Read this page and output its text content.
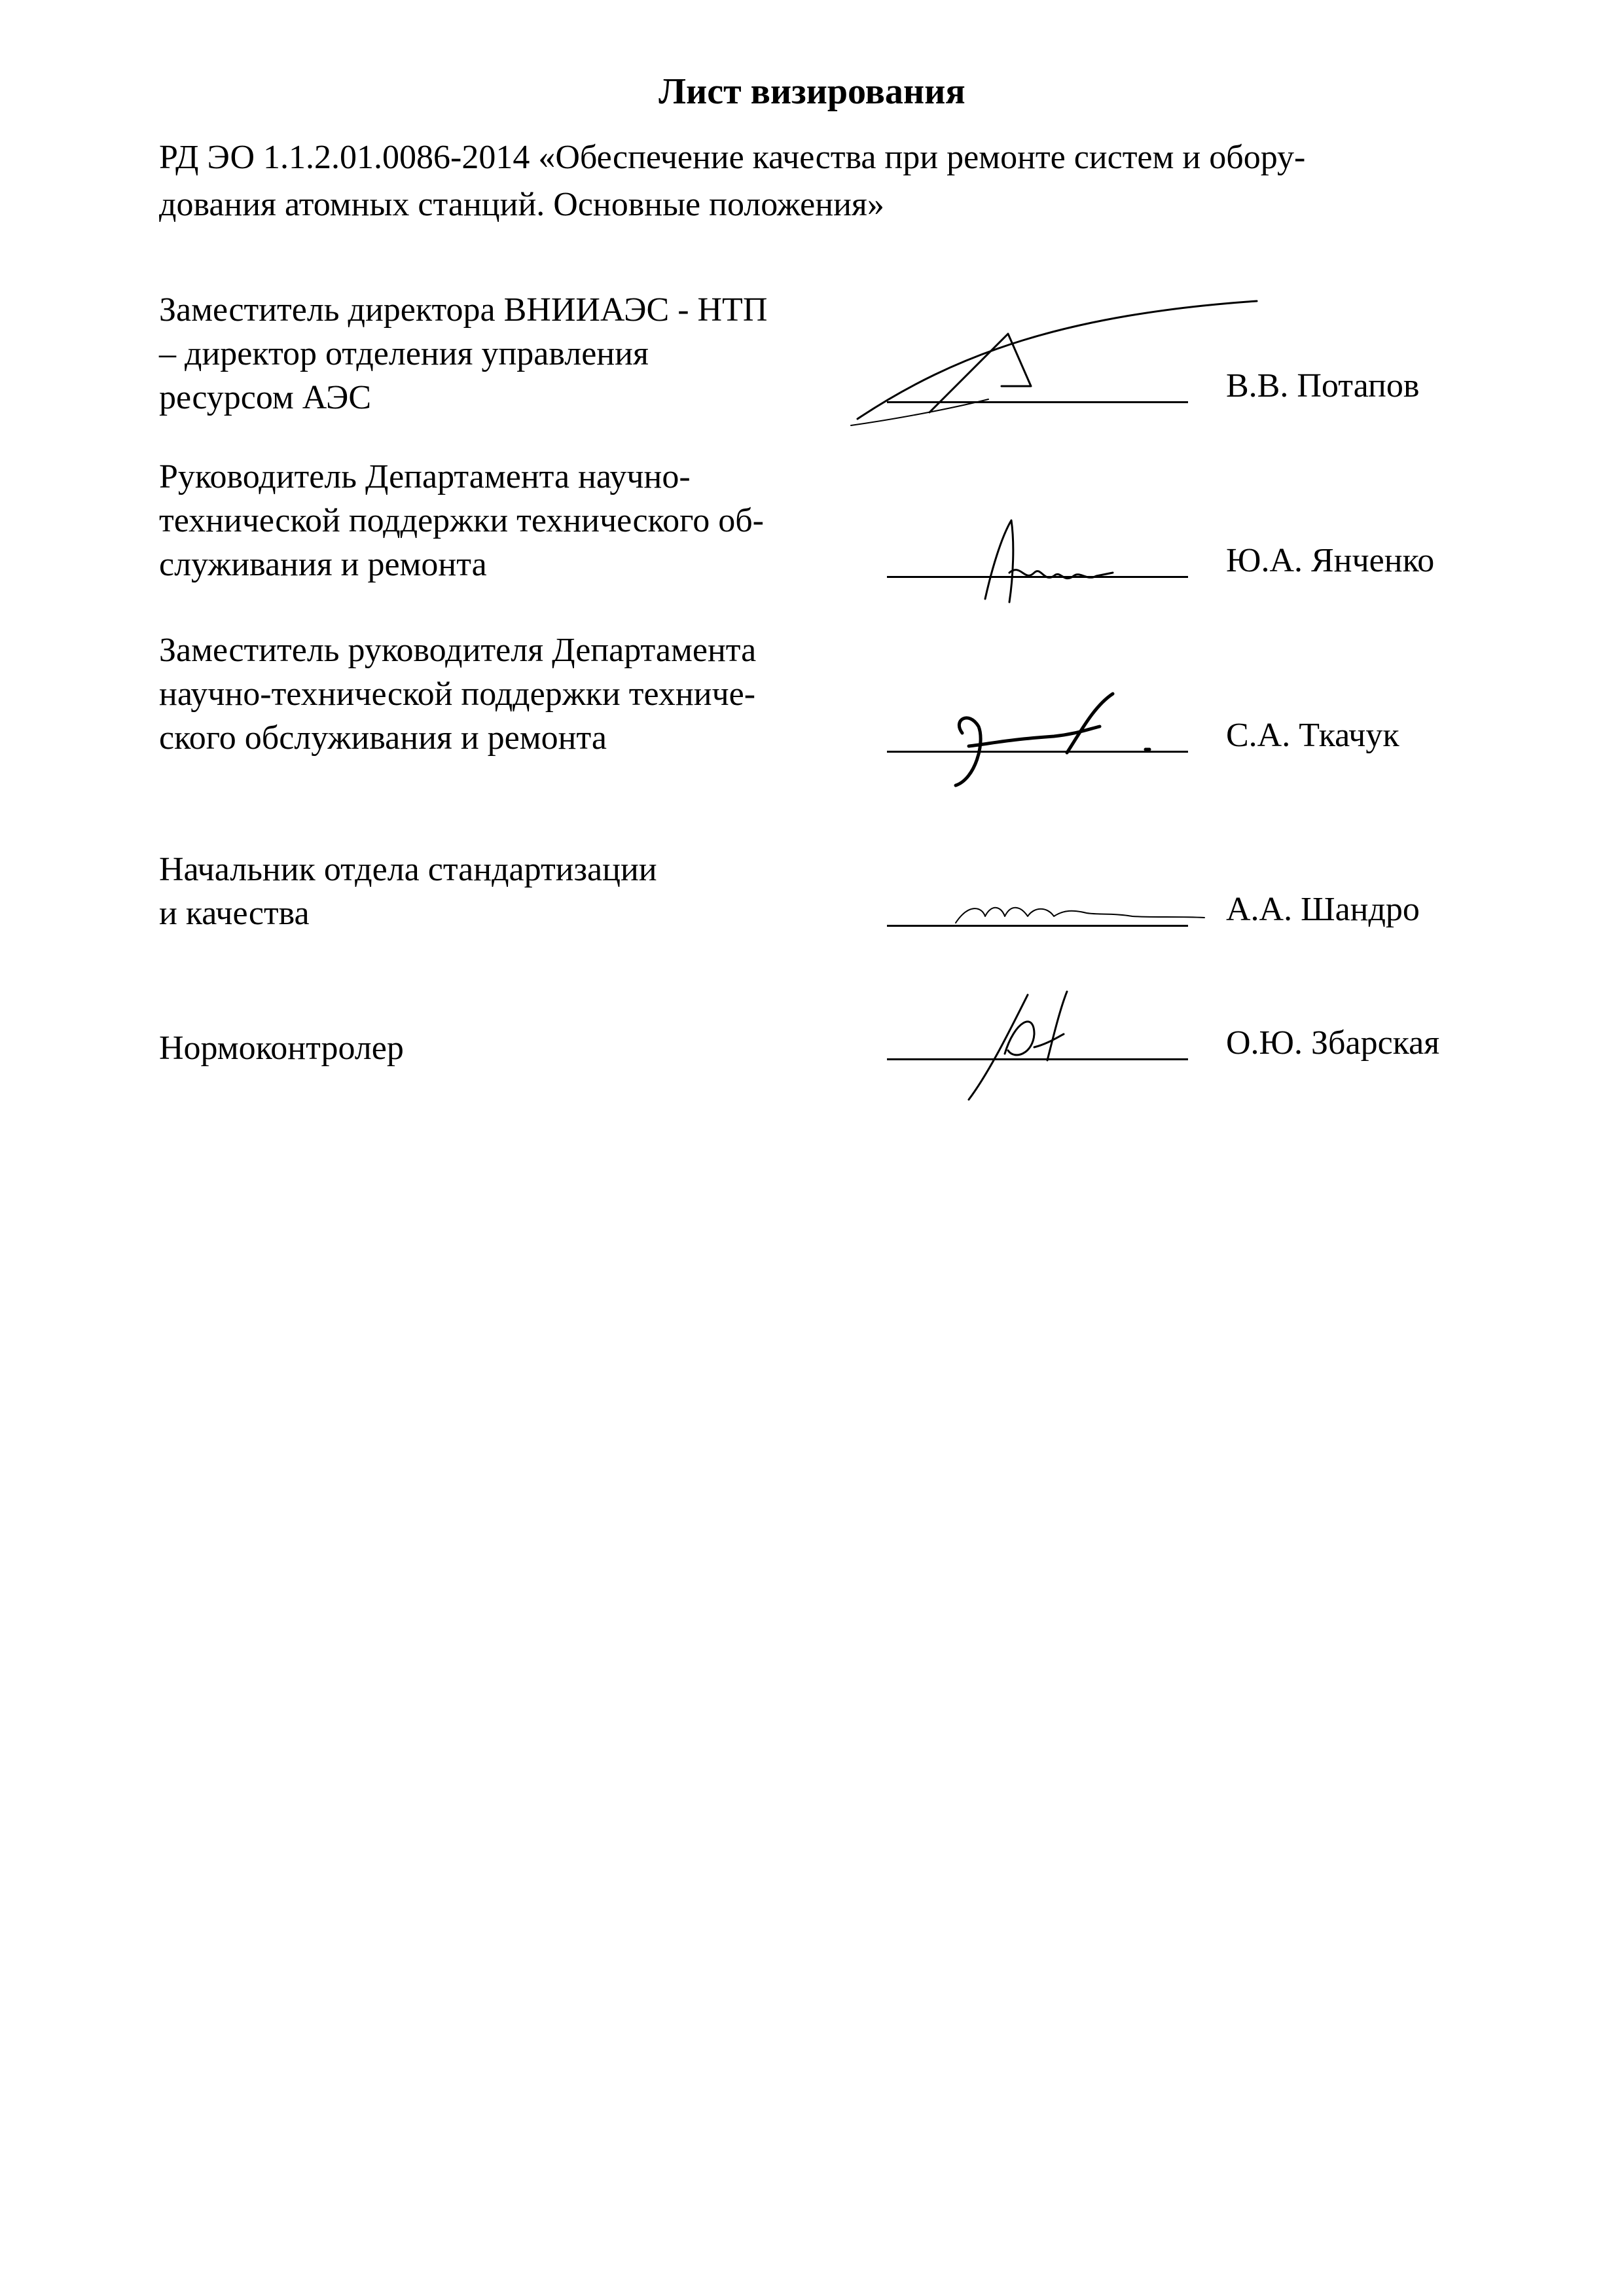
Лист визирования
РД ЭО 1.1.2.01.0086-2014 «Обеспечение качества при ремонте систем и обору-
дования атомных станций. Основные положения»
Заместитель директора ВНИИАЭС - НТП
– директор отделения управления
ресурсом АЭС	В.В. Потапов
Руководитель Департамента научно-
технической поддержки технического об-
служивания и ремонта	Ю.А. Янченко
Заместитель руководителя Департамента
научно-технической поддержки техниче-
ского обслуживания и ремонта	С.А. Ткачук
Начальник отдела стандартизации
и качества	А.А. Шандро
Нормоконтролер	О.Ю. Збарская
